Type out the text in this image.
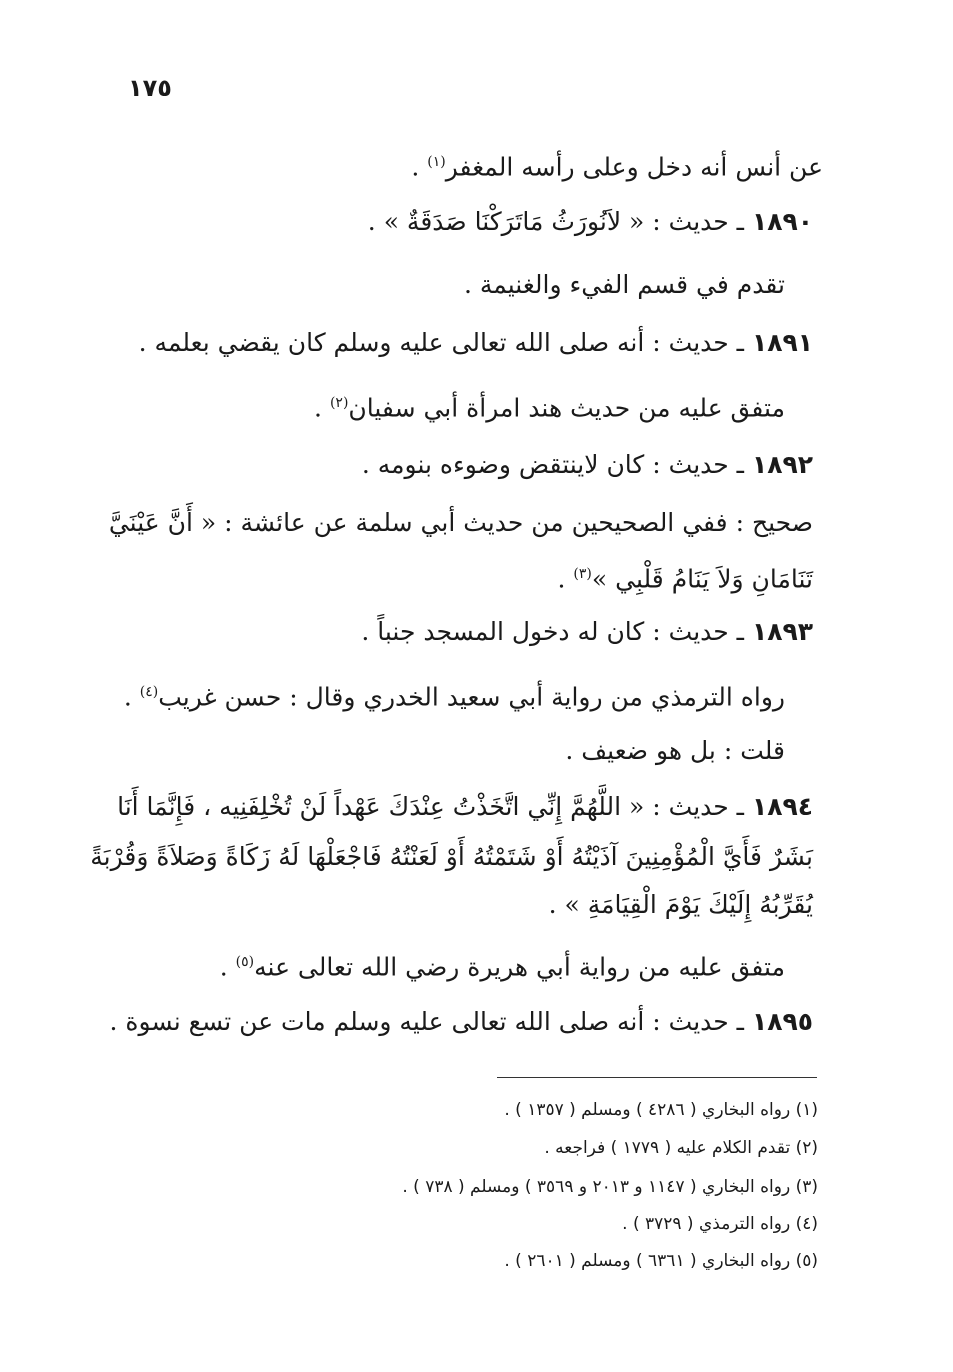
١٧٥
عن أنس أنه دخل وعلى رأسه المغفر$^{(١)}$ .
١٨٩٠ ـ حديث : « لاَنُورَثُ مَاتَرَكْنَا صَدَقَةٌ » .
تقدم في قسم الفيء والغنيمة .
١٨٩١ ـ حديث : أنه صلى الله تعالى عليه وسلم كان يقضي بعلمه .
متفق عليه من حديث هند امرأة أبي سفيان$^{(٢)}$ .
١٨٩٢ ـ حديث : كان لاينتقض وضوءه بنومه .
صحيح : ففي الصحيحين من حديث أبي سلمة عن عائشة : « أَنَّ عَيْنَيَّ
تَنَامَانِ وَلاَ يَنَامُ قَلْبِي »$^{(٣)}$ .
١٨٩٣ ـ حديث : كان له دخول المسجد جنباً .
رواه الترمذي من رواية أبي سعيد الخدري وقال : حسن غريب$^{(٤)}$ .
قلت : بل هو ضعيف .
١٨٩٤ ـ حديث : « اللَّهُمَّ إِنِّي اتَّخَذْتُ عِنْدَكَ عَهْداً لَنْ تُخْلِفَنِيه ، فَإِنَّمَا أَنَا
بَشَرٌ فَأَيَّ الْمُؤْمِنِينَ آذَيْتُهُ أَوْ شَتَمْتُهُ أَوْ لَعَنْتُهُ فَاجْعَلْهَا لَهُ زَكَاةً وَصَلاَةً وَقُرْبَةً
يُقَرِّبُهُ إِلَيْكَ يَوْمَ الْقِيَامَةِ » .
متفق عليه من رواية أبي هريرة رضي الله تعالى عنه$^{(٥)}$ .
١٨٩٥ ـ حديث : أنه صلى الله تعالى عليه وسلم مات عن تسع نسوة .
(١) رواه البخاري ( ٤٢٨٦ ) ومسلم ( ١٣٥٧ ) .
(٢) تقدم الكلام عليه ( ١٧٧٩ ) فراجعه .
(٣) رواه البخاري ( ١١٤٧ و ٢٠١٣ و ٣٥٦٩ ) ومسلم ( ٧٣٨ ) .
(٤) رواه الترمذي ( ٣٧٢٩ ) .
(٥) رواه البخاري ( ٦٣٦١ ) ومسلم ( ٢٦٠١ ) .
